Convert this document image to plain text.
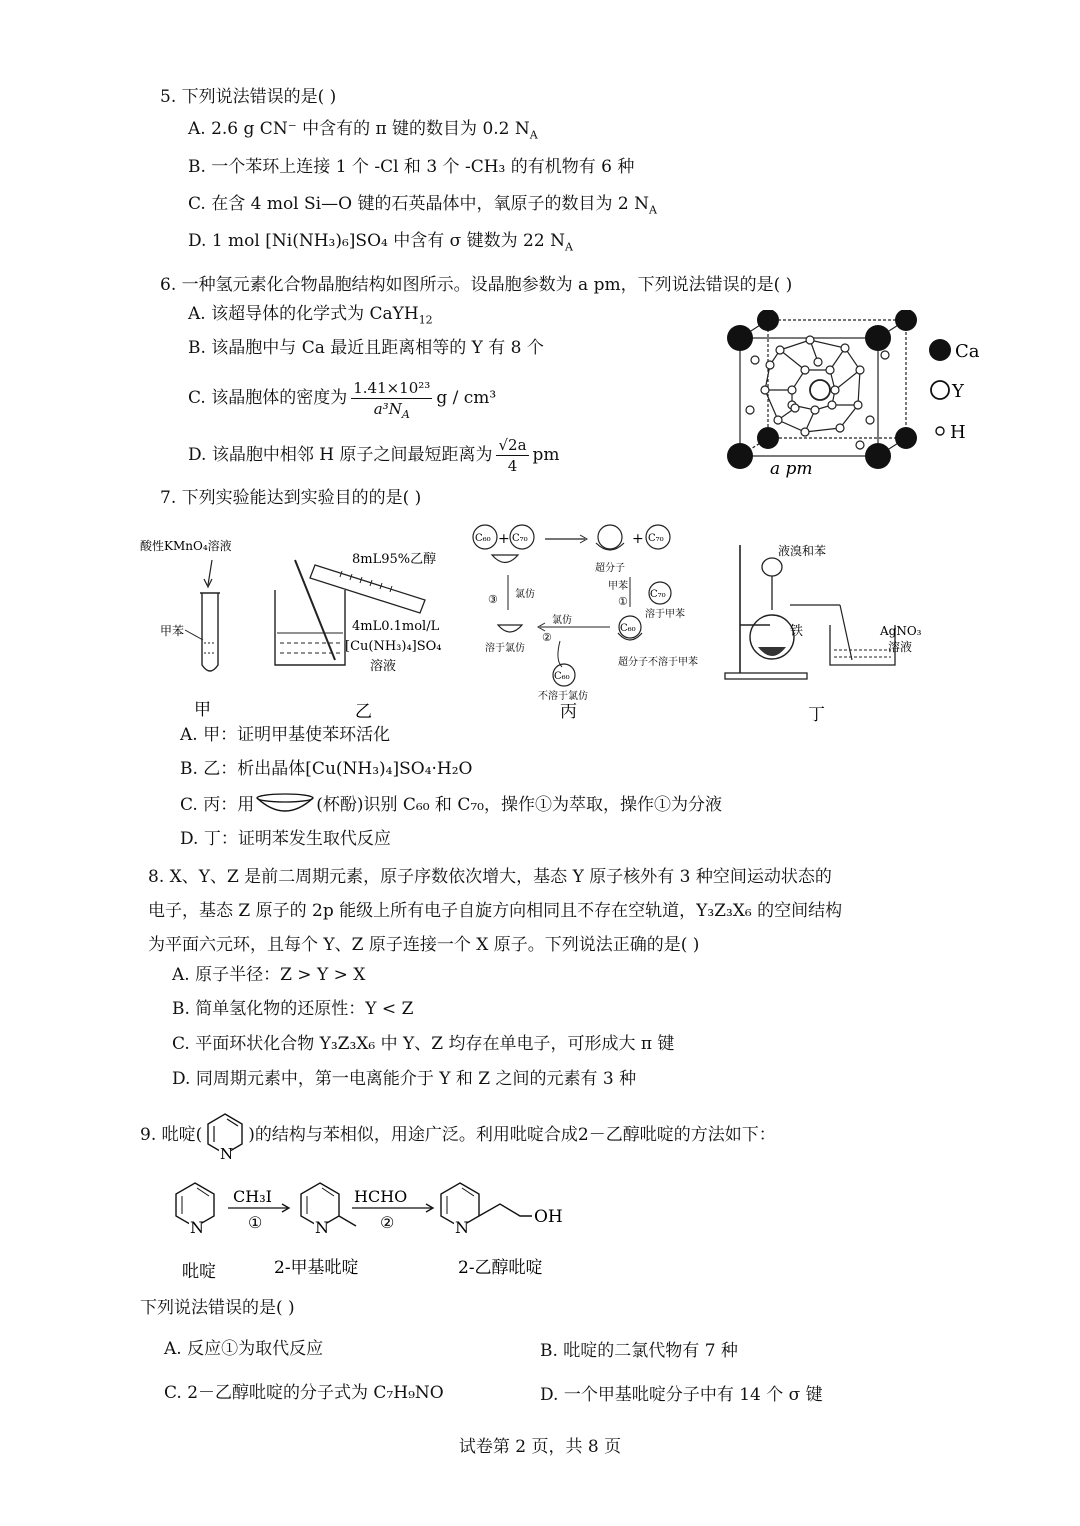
5. 下列说法错误的是( )
A. 2.6 g CN⁻ 中含有的 π 键的数目为 0.2 $N_A$
B. 一个苯环上连接 1 个 -Cl 和 3 个 -CH₃ 的有机物有 6 种
C. 在含 4 mol Si—O 键的石英晶体中，氧原子的数目为 2 $N_A$
D. 1 mol [Ni(NH₃)₆]SO₄ 中含有 σ 键数为 22 $N_A$
6. 一种氢元素化合物晶胞结构如图所示。设晶胞参数为 a pm，下列说法错误的是( )
A. 该超导体的化学式为 CaYH$_{12}$
B. 该晶胞中与 Ca 最近且距离相等的 Y 有 8 个
C. 该晶胞体的密度为 $\frac{\text{1.41×10²³}}{a^3N_A}$ g / cm³
D. 该晶胞中相邻 H 原子之间最短距离为 $\frac{√2a}{4}$ pm
Ca
Y
H
a pm
7. 下列实验能达到实验目的的是( )
酸性KMnO₄溶液
甲苯
甲
8mL95%乙醇
4mL0.1mol/L
[Cu(NH₃)₄]SO₄
溶液
乙
C₆₀ + C₇₀	+ C₇₀
超分子
甲苯
①
C₇₀
溶于甲苯
C₆₀
超分子不溶于甲苯
氯仿
②
溶于氯仿
③ 氯仿
C₆₀
不溶于氯仿
丙
液溴和苯
铁	AgNO₃
溶液
丁
A. 甲：证明甲基使苯环活化
B. 乙：析出晶体[Cu(NH₃)₄]SO₄·H₂O
C. 丙：用	(杯酚)识别 C₆₀ 和 C₇₀，操作①为萃取，操作①为分液
D. 丁：证明苯发生取代反应
8. X、Y、Z 是前二周期元素，原子序数依次增大，基态 Y 原子核外有 3 种空间运动状态的
电子，基态 Z 原子的 2p 能级上所有电子自旋方向相同且不存在空轨道，Y₃Z₃X₆ 的空间结构
为平面六元环，且每个 Y、Z 原子连接一个 X 原子。下列说法正确的是( )
A. 原子半径：Z > Y > X
B. 简单氢化物的还原性：Y < Z
C. 平面环状化合物 Y₃Z₃X₆ 中 Y、Z 均存在单电子，可形成大 π 键
D. 同周期元素中，第一电离能介于 Y 和 Z 之间的元素有 3 种
9. 吡啶(
N
)的结构与苯相似，用途广泛。利用吡啶合成2－乙醇吡啶的方法如下：
N
CH₃I
①	N
HCHO
②	N
OH
吡啶	2-甲基吡啶	2-乙醇吡啶
下列说法错误的是( )
A. 反应①为取代反应	B. 吡啶的二氯代物有 7 种
C. 2－乙醇吡啶的分子式为 C₇H₉NO	D. 一个甲基吡啶分子中有 14 个 σ 键
试卷第 2 页，共 8 页
